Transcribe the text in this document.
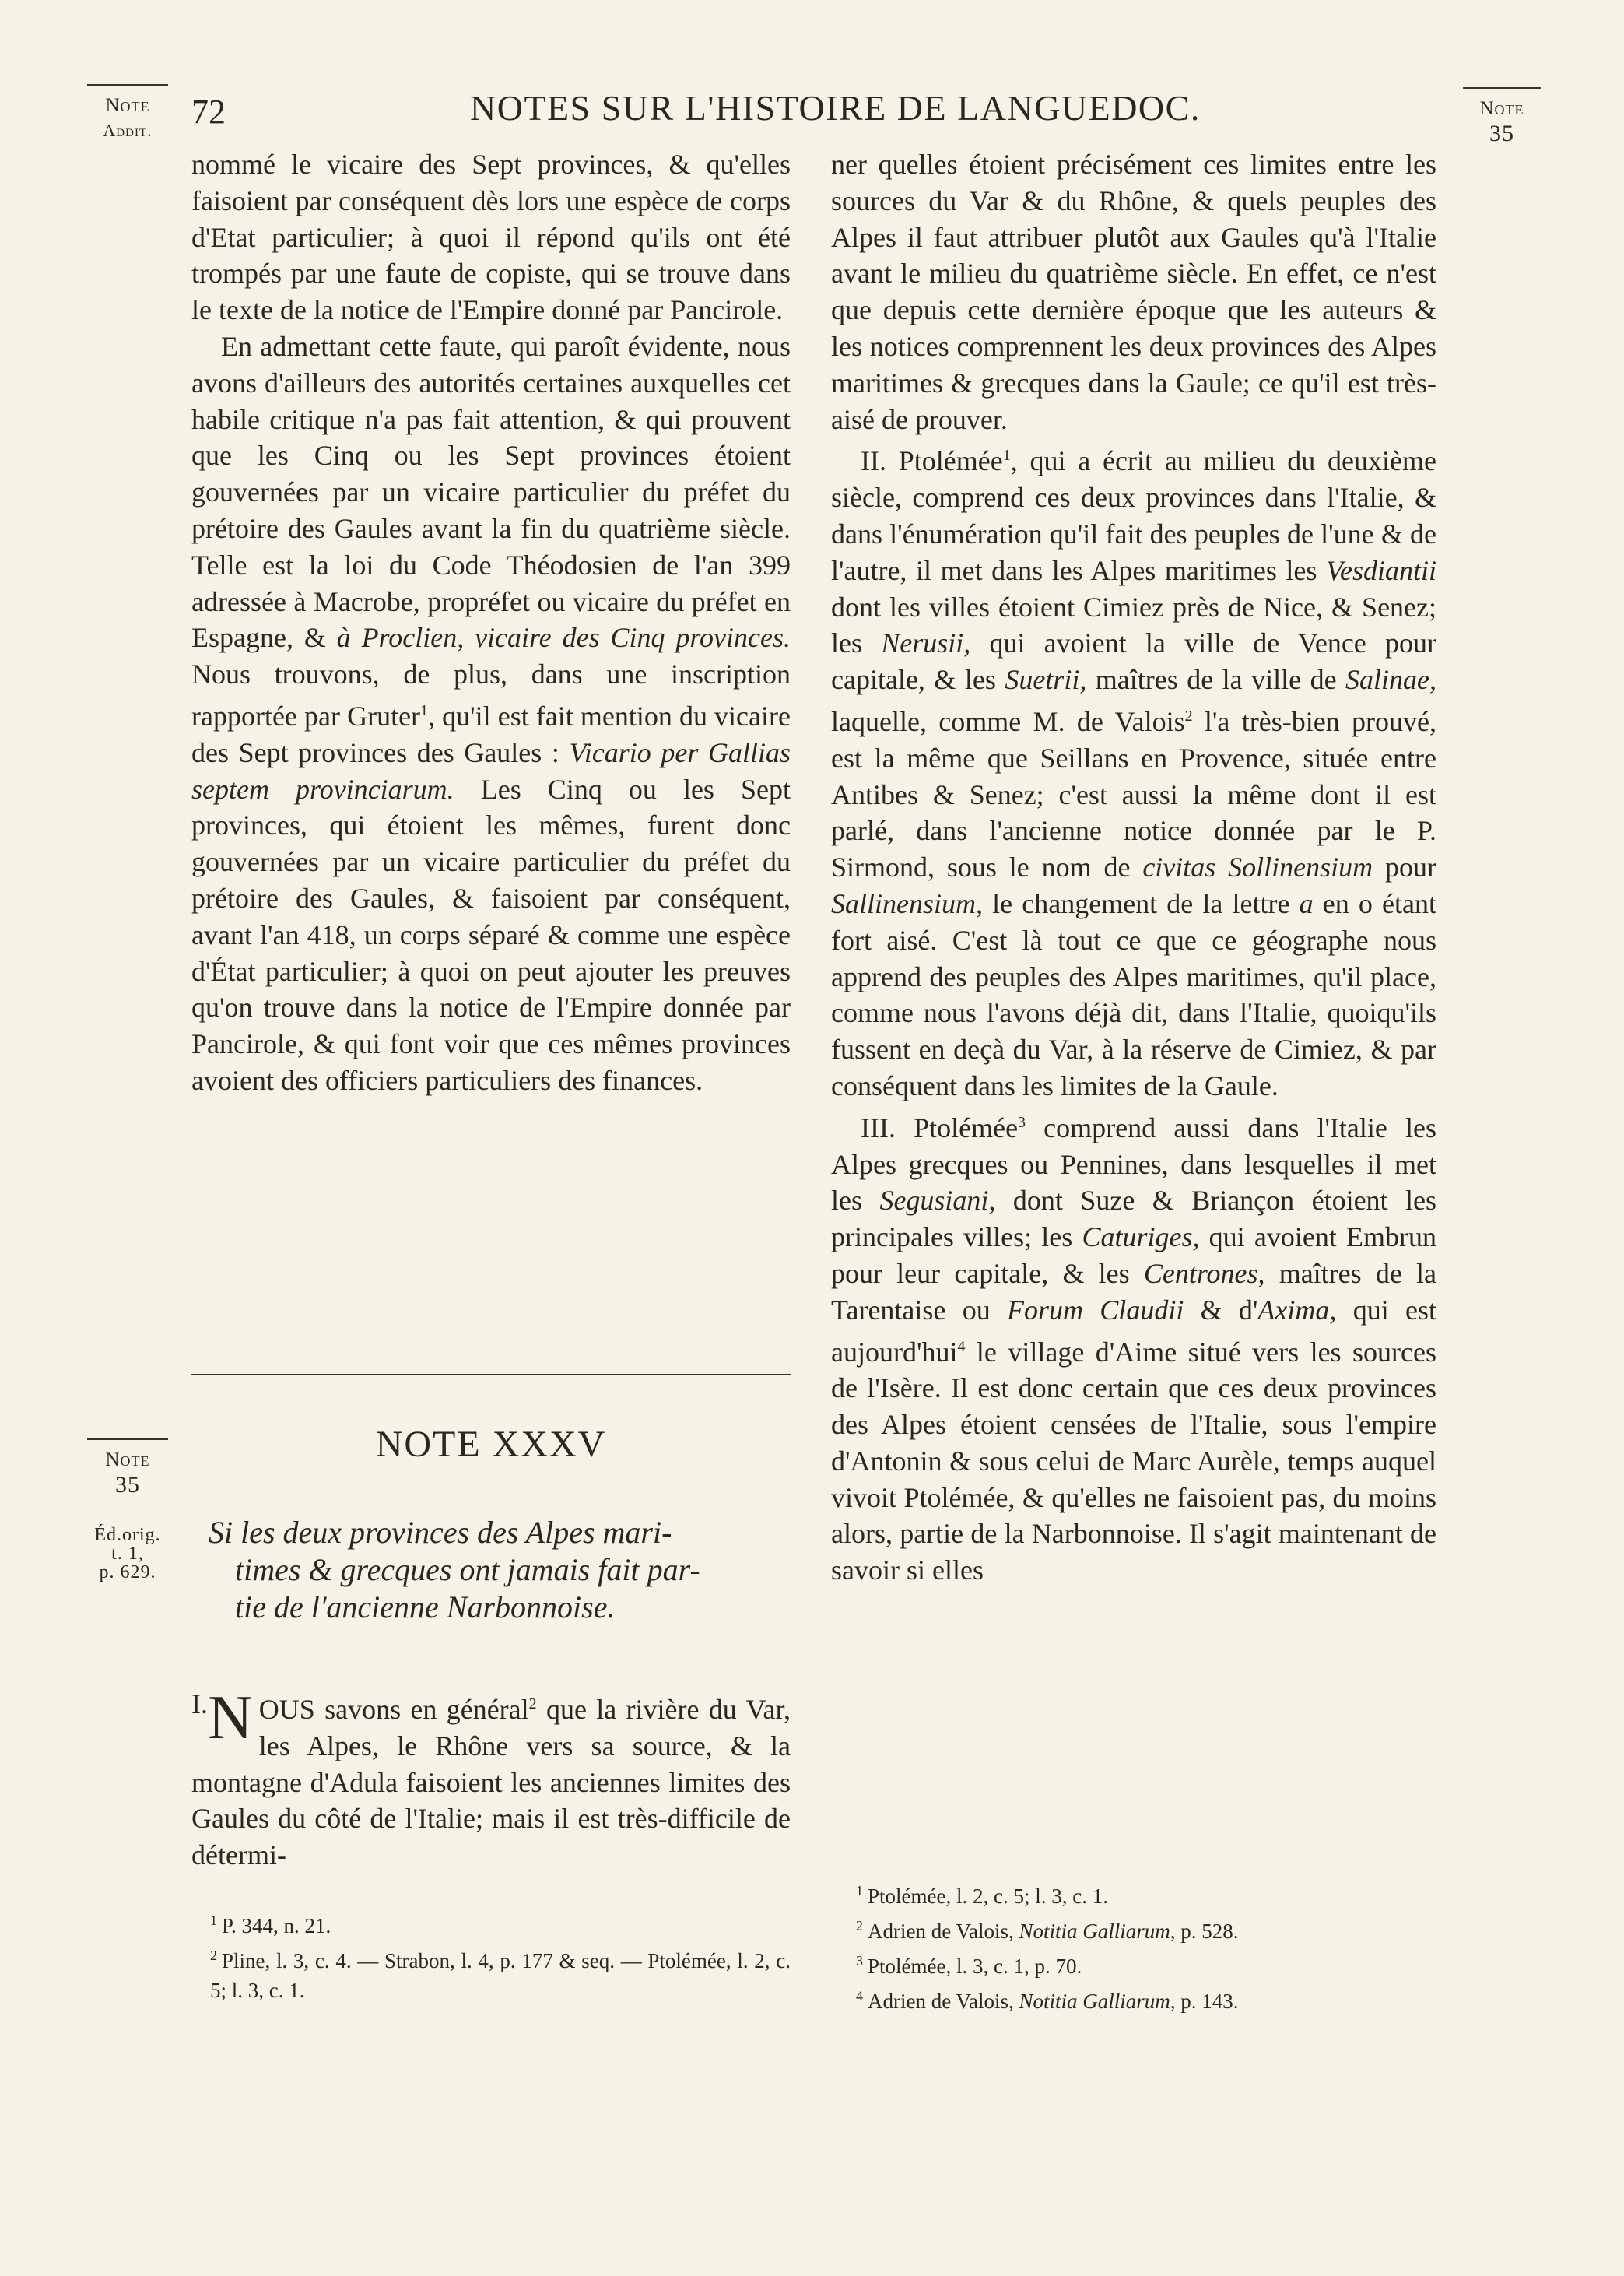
Note
Addit.
Note
35
Note
35
Éd.orig.
t. 1,
p. 629.
72	NOTES SUR L'HISTOIRE DE LANGUEDOC.

nommé le vicaire des Sept provinces, & qu'elles faisoient par conséquent dès lors une espèce de corps d'Etat particulier; à quoi il répond qu'ils ont été trompés par une faute de copiste, qui se trouve dans le texte de la notice de l'Empire donné par Pancirole.

En admettant cette faute, qui paroît évidente, nous avons d'ailleurs des autorités certaines auxquelles cet habile critique n'a pas fait attention, & qui prouvent que les Cinq ou les Sept provinces étoient gouvernées par un vicaire particulier du préfet du prétoire des Gaules avant la fin du quatrième siècle. Telle est la loi du Code Théodosien de l'an 399 adressée à Macrobe, propréfet ou vicaire du préfet en Espagne, & à Proclien, vicaire des Cinq provinces. Nous trouvons, de plus, dans une inscription rapportée par Gruter$^1$, qu'il est fait mention du vicaire des Sept provinces des Gaules : Vicario per Gallias septem provinciarum. Les Cinq ou les Sept provinces, qui étoient les mêmes, furent donc gouvernées par un vicaire particulier du préfet du prétoire des Gaules, & faisoient par conséquent, avant l'an 418, un corps séparé & comme une espèce d'État particulier; à quoi on peut ajouter les preuves qu'on trouve dans la notice de l'Empire donnée par Pancirole, & qui font voir que ces mêmes provinces avoient des officiers particuliers des finances.

NOTE XXXV
Si les deux provinces des Alpes mari-
times & grecques ont jamais fait par-
tie de l'ancienne Narbonnoise.
I. N OUS savons en général$^2$ que la rivière du Var, les Alpes, le Rhône vers sa source, & la montagne d'Adula faisoient les anciennes limites des Gaules du côté de l'Italie; mais il est très-difficile de détermi-

ner quelles étoient précisément ces limites entre les sources du Var & du Rhône, & quels peuples des Alpes il faut attribuer plutôt aux Gaules qu'à l'Italie avant le milieu du quatrième siècle. En effet, ce n'est que depuis cette dernière époque que les auteurs & les notices comprennent les deux provinces des Alpes maritimes & grecques dans la Gaule; ce qu'il est très-aisé de prouver.

II. Ptolémée$^1$, qui a écrit au milieu du deuxième siècle, comprend ces deux provinces dans l'Italie, & dans l'énumération qu'il fait des peuples de l'une & de l'autre, il met dans les Alpes maritimes les Vesdiantii dont les villes étoient Cimiez près de Nice, & Senez; les Nerusii, qui avoient la ville de Vence pour capitale, & les Suetrii, maîtres de la ville de Salinae, laquelle, comme M. de Valois$^2$ l'a très-bien prouvé, est la même que Seillans en Provence, située entre Antibes & Senez; c'est aussi la même dont il est parlé, dans l'ancienne notice donnée par le P. Sirmond, sous le nom de civitas Sollinensium pour Sallinensium, le changement de la lettre a en o étant fort aisé. C'est là tout ce que ce géographe nous apprend des peuples des Alpes maritimes, qu'il place, comme nous l'avons déjà dit, dans l'Italie, quoiqu'ils fussent en deçà du Var, à la réserve de Cimiez, & par conséquent dans les limites de la Gaule.

III. Ptolémée$^3$ comprend aussi dans l'Italie les Alpes grecques ou Pennines, dans lesquelles il met les Segusiani, dont Suze & Briançon étoient les principales villes; les Caturiges, qui avoient Embrun pour leur capitale, & les Centrones, maîtres de la Tarentaise ou Forum Claudii & d'Axima, qui est aujourd'hui$^4$ le village d'Aime situé vers les sources de l'Isère. Il est donc certain que ces deux provinces des Alpes étoient censées de l'Italie, sous l'empire d'Antonin & sous celui de Marc Aurèle, temps auquel vivoit Ptolémée, & qu'elles ne faisoient pas, du moins alors, partie de la Narbonnoise. Il s'agit maintenant de savoir si elles

$^1$ P. 344, n. 21.

$^2$ Pline, l. 3, c. 4. — Strabon, l. 4, p. 177 & seq. — Ptolémée, l. 2, c. 5; l. 3, c. 1.

$^1$ Ptolémée, l. 2, c. 5; l. 3, c. 1.

$^2$ Adrien de Valois, Notitia Galliarum, p. 528.

$^3$ Ptolémée, l. 3, c. 1, p. 70.

$^4$ Adrien de Valois, Notitia Galliarum, p. 143.
